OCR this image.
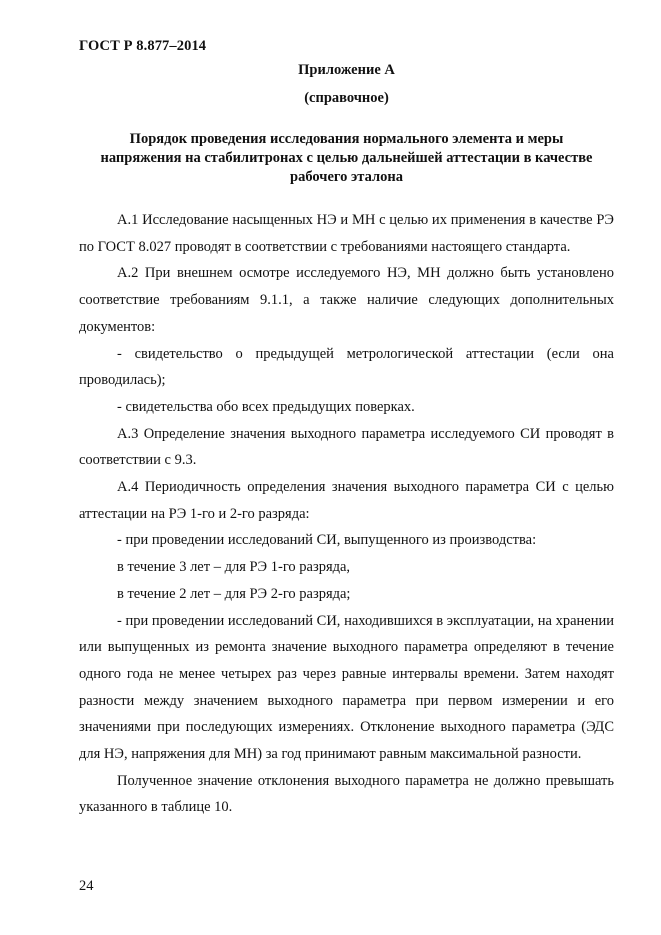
ГОСТ Р 8.877–2014
Приложение А
(справочное)
Порядок проведения исследования нормального элемента и меры
напряжения на стабилитронах с целью дальнейшей аттестации в качестве
рабочего эталона

А.1 Исследование насыщенных НЭ и МН с целью их применения в качестве РЭ по ГОСТ 8.027 проводят в соответствии с требованиями настоящего стандарта.

А.2 При внешнем осмотре исследуемого НЭ, МН должно быть установлено соответствие требованиям 9.1.1, а также наличие следующих дополнительных документов:

- свидетельство о предыдущей метрологической аттестации (если она проводилась);

- свидетельства обо всех предыдущих поверках.

А.3 Определение значения выходного параметра исследуемого СИ проводят в соответствии с 9.3.

А.4 Периодичность определения значения выходного параметра СИ с целью аттестации на РЭ 1-го и 2-го разряда:

- при проведении исследований СИ, выпущенного из производства:

в течение 3 лет – для РЭ 1-го разряда,

в течение 2 лет – для РЭ 2-го разряда;

- при проведении исследований СИ, находившихся в эксплуатации, на хранении или выпущенных из ремонта значение выходного параметра определяют в течение одного года не менее четырех раз через равные интервалы времени. Затем находят разности между значением выходного параметра при первом измерении и его значениями при последующих измерениях. Отклонение выходного параметра (ЭДС для НЭ, напряжения для МН) за год принимают равным максимальной разности.

Полученное значение отклонения выходного параметра не должно превышать указанного в таблице 10.

24
